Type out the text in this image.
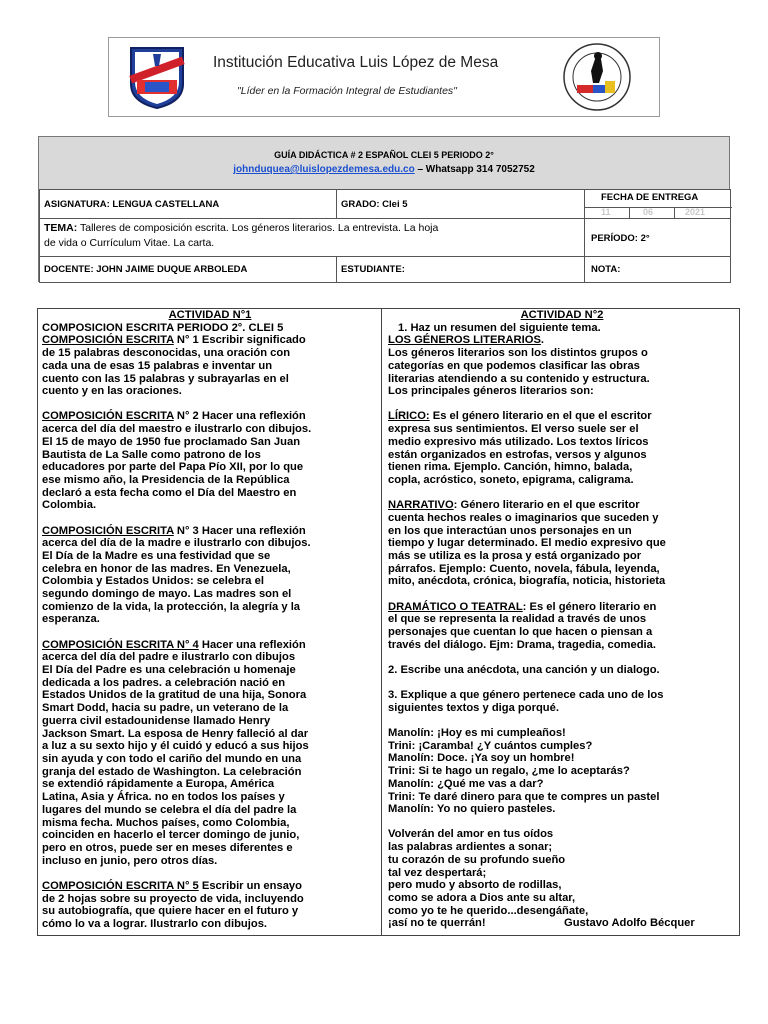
Institución Educativa Luis López de Mesa
"Líder en la Formación Integral de Estudiantes"
GUÍA DIDÁCTICA # 2 ESPAÑOL CLEI 5 PERIODO 2°
johnduquea@luislopezdemesa.edu.co – Whatsapp 314 7052752
ASIGNATURA: LENGUA CASTELLANA	GRADO: Clei 5
FECHA DE ENTREGA
11	06	2021
TEMA: Talleres de composición escrita. Los géneros literarios. La entrevista. La hoja
de vida o Currículum Vitae. La carta.	PERÍODO: 2°
DOCENTE: JOHN JAIME DUQUE ARBOLEDA	ESTUDIANTE:	NOTA:

ACTIVIDAD N°1

COMPOSICION ESCRITA PERIODO 2°. CLEI 5

COMPOSICIÓN ESCRITA N° 1 Escribir significado

de 15 palabras desconocidas, una oración con

cada una de esas 15 palabras e inventar un

cuento con las 15 palabras y subrayarlas en el

cuento y en las oraciones.

COMPOSICIÓN ESCRITA N° 2 Hacer una reflexión

acerca del día del maestro e ilustrarlo con dibujos.

El 15 de mayo de 1950 fue proclamado San Juan

Bautista de La Salle como patrono de los

educadores por parte del Papa Pío XII, por lo que

ese mismo año, la Presidencia de la República

declaró a esta fecha como el Día del Maestro en

Colombia.

COMPOSICIÓN ESCRITA N° 3 Hacer una reflexión

acerca del día de la madre e ilustrarlo con dibujos.

El Día de la Madre es una festividad que se

celebra en honor de las madres. En Venezuela,

Colombia y Estados Unidos: se celebra el

segundo domingo de mayo. Las madres son el

comienzo de la vida, la protección, la alegría y la

esperanza.

COMPOSICIÓN ESCRITA N° 4 Hacer una reflexión

acerca del día del padre e ilustrarlo con dibujos

El Día del Padre es una celebración u homenaje

dedicada a los padres. a celebración nació en

Estados Unidos de la gratitud de una hija, Sonora

Smart Dodd, hacia su padre, un veterano de la

guerra civil estadounidense llamado Henry

Jackson Smart. La esposa de Henry falleció al dar

a luz a su sexto hijo y él cuidó y educó a sus hijos

sin ayuda y con todo el cariño del mundo en una

granja del estado de Washington. La celebración

se extendió rápidamente a Europa, América

Latina, Asia y África. no en todos los países y

lugares del mundo se celebra el día del padre la

misma fecha. Muchos países, como Colombia,

coinciden en hacerlo el tercer domingo de junio,

pero en otros, puede ser en meses diferentes e

incluso en junio, pero otros días.

COMPOSICIÓN ESCRITA N° 5 Escribir un ensayo

de 2 hojas sobre su proyecto de vida, incluyendo

su autobiografía, que quiere hacer en el futuro y

cómo lo va a lograr. Ilustrarlo con dibujos.

ACTIVIDAD N°2

1. Haz un resumen del siguiente tema.

LOS GÉNEROS LITERARIOS.

Los géneros literarios son los distintos grupos o

categorías en que podemos clasificar las obras

literarias atendiendo a su contenido y estructura.

Los principales géneros literarios son:

LÍRICO: Es el género literario en el que el escritor

expresa sus sentimientos. El verso suele ser el

medio expresivo más utilizado. Los textos líricos

están organizados en estrofas, versos y algunos

tienen rima. Ejemplo. Canción, himno, balada,

copla, acróstico, soneto, epigrama, caligrama.

NARRATIVO: Género literario en el que escritor

cuenta hechos reales o imaginarios que suceden y

en los que interactúan unos personajes en un

tiempo y lugar determinado. El medio expresivo que

más se utiliza es la prosa y está organizado por

párrafos. Ejemplo: Cuento, novela, fábula, leyenda,

mito, anécdota, crónica, biografía, noticia, historieta

DRAMÁTICO O TEATRAL: Es el género literario en

el que se representa la realidad a través de unos

personajes que cuentan lo que hacen o piensan a

través del diálogo. Ejm: Drama, tragedia, comedia.

2. Escribe una anécdota, una canción y un dialogo.

3. Explique a que género pertenece cada uno de los

siguientes textos y diga porqué.

Manolín: ¡Hoy es mi cumpleaños!

Trini: ¡Caramba! ¿Y cuántos cumples?

Manolín: Doce. ¡Ya soy un hombre!

Trini: Si te hago un regalo, ¿me lo aceptarás?

Manolín: ¿Qué me vas a dar?

Trini: Te daré dinero para que te compres un pastel

Manolín: Yo no quiero pasteles.

Volverán del amor en tus oídos

las palabras ardientes a sonar;

tu corazón de su profundo sueño

tal vez despertará;

pero mudo y absorto de rodillas,

como se adora a Dios ante su altar,

como yo te he querido...desengáñate,

¡así no te querrán!	Gustavo Adolfo Bécquer
